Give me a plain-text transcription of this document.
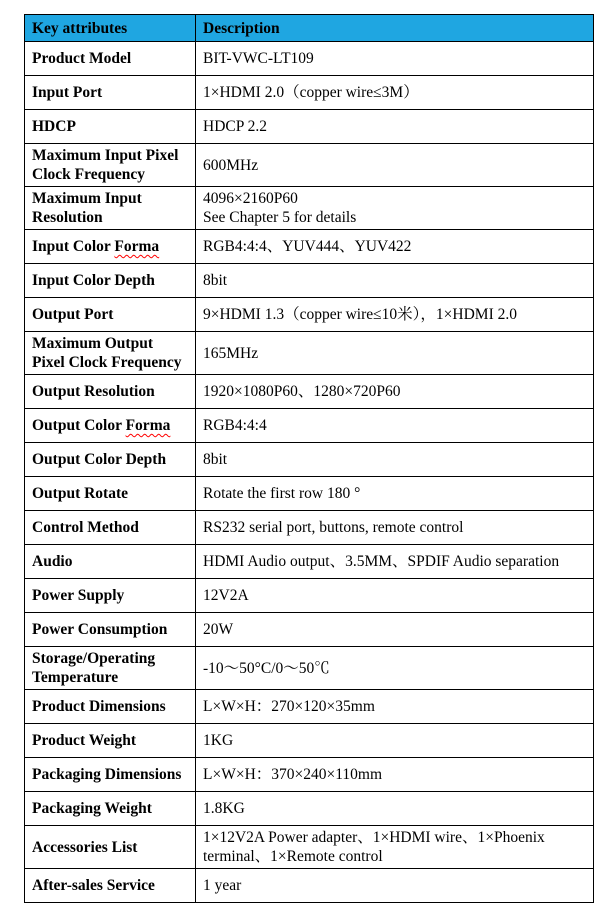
Key attributes	Description
Product Model	BIT-VWC-LT109

Input Port	1×HDMI 2.0（copper wire≤3M）

HDCP	HDCP 2.2

Maximum Input Pixel Clock Frequency	600MHz

Maximum Input Resolution	4096×2160P60
See Chapter 5 for details

Input Color Forma	RGB4:4:4、YUV444、YUV422

Input Color Depth	8bit

Output Port	9×HDMI 1.3（copper wire≤10米），1×HDMI 2.0

Maximum Output Pixel Clock Frequency	165MHz

Output Resolution	1920×1080P60、1280×720P60

Output Color Forma	RGB4:4:4

Output Color Depth	8bit

Output Rotate	Rotate the first row 180 °

Control Method	RS232 serial port, buttons, remote control

Audio	HDMI Audio output、3.5MM、SPDIF Audio separation

Power Supply	12V2A

Power Consumption	20W

Storage/Operating Temperature	-10～50°C/0～50℃

Product Dimensions	L×W×H：270×120×35mm

Product Weight	1KG

Packaging Dimensions	L×W×H：370×240×110mm

Packaging Weight	1.8KG

Accessories List	1×12V2A Power adapter、1×HDMI wire、1×Phoenix terminal、1×Remote control

After-sales Service	1 year
